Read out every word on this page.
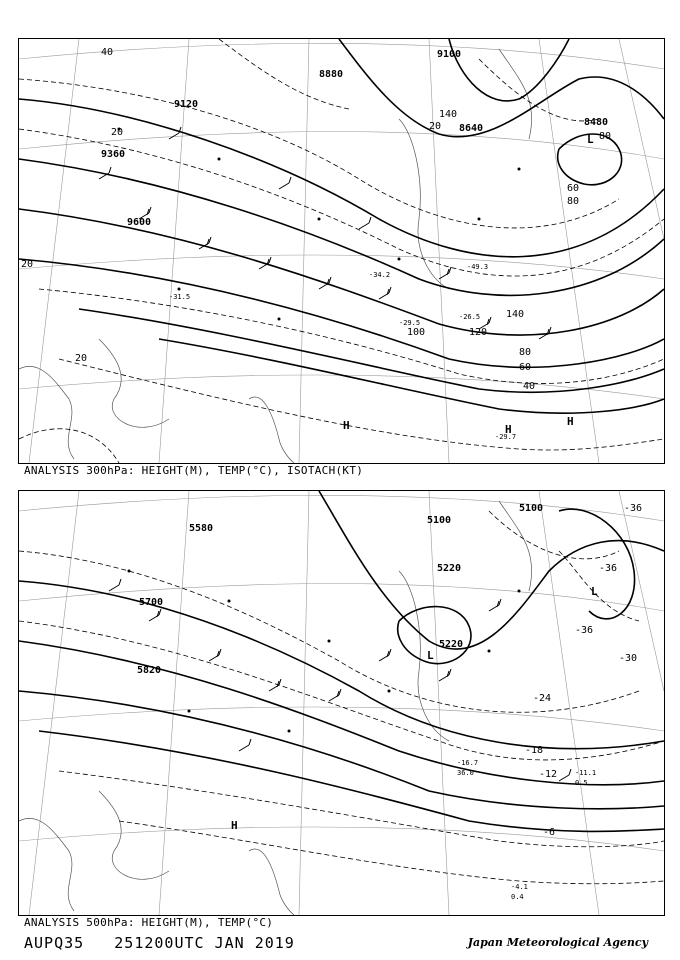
9120
9360
9600
8880
9100
8640
8480
140
120
100
80
60
40
20
60
80
40
20
20
20
140
80
-29.5
-26.5
-29.7
-31.5
-49.3
-34.2
H	H
H
L
ANALYSIS 300hPa: HEIGHT(M), TEMP(°C), ISOTACH(KT)
5580
5700
5820
5100
5220
5220
5100
-36
-36
-30
-24
-18
-12
-6
-36
-4.1
0.4
-11.1
0.5
-16.7
36.0
H
L
L
ANALYSIS 500hPa: HEIGHT(M), TEMP(°C)
AUPQ35 251200UTC JAN 2019	Japan Meteorological Agency
